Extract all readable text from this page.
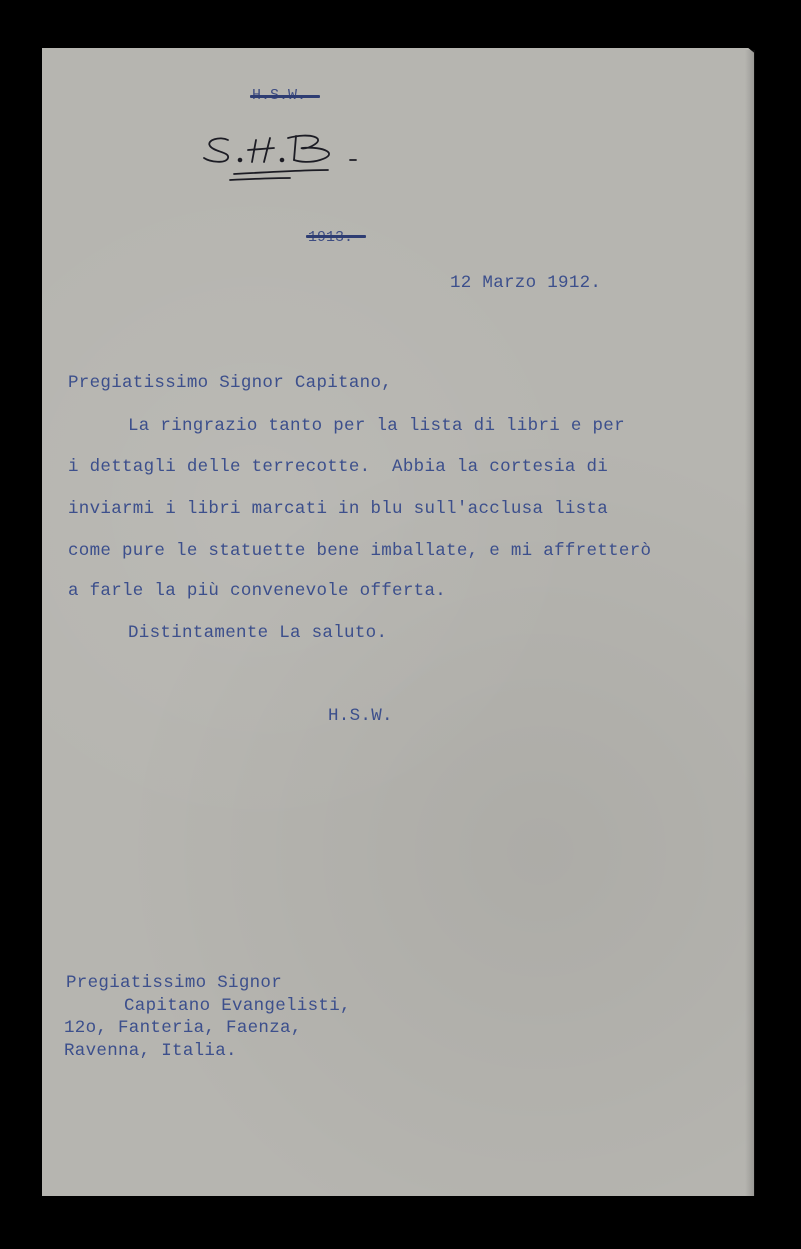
12 Marzo 1912.
Pregiatissimo Signor Capitano,
La ringrazio tanto per la lista di libri e per
i dettagli delle terrecotte.  Abbia la cortesia di
inviarmi i libri marcati in blu sull'acclusa lista
come pure le statuette bene imballate, e mi affretterò
a farle la più convenevole offerta.
Distintamente La saluto.
H.S.W.
Pregiatissimo Signor
Capitano Evangelisti,
12o, Fanteria, Faenza,
Ravenna, Italia.
